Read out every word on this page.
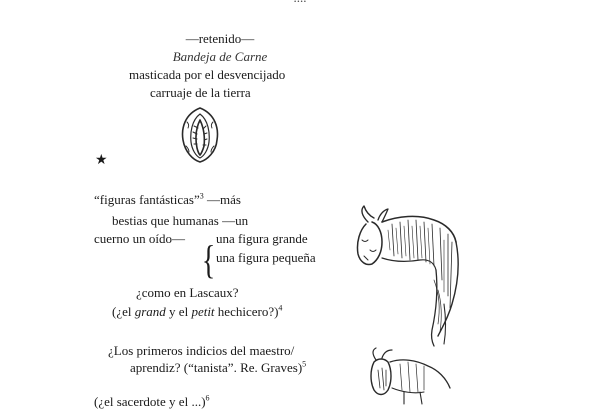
—retenido—
Bandeja de Carne
masticada por el desvencijado
carruaje de la tierra
★
“figuras fantásticas”$^3$ —más
bestias que humanas —un
cuerno un oído— una figura grande
{ una figura pequeña
¿como en Lascaux?
(¿el grand y el petit hechicero?)$^4$
¿Los primeros indicios del maestro/
aprendiz? (“tanista”. Re. Graves)$^5$
(¿el sacerdote y el ...)$^6$
